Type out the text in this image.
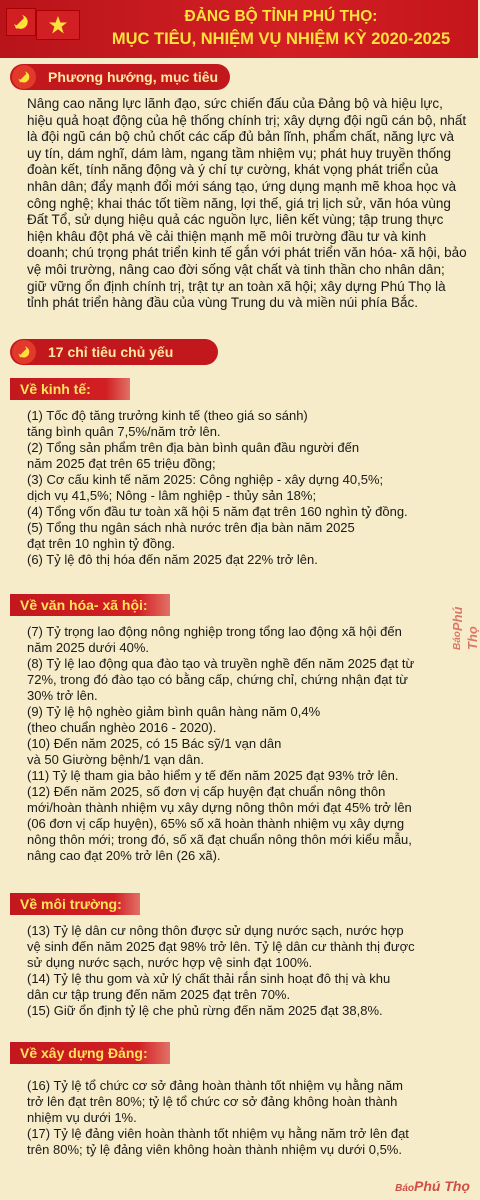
ĐẢNG BỘ TỈNH PHÚ THỌ:
MỤC TIÊU, NHIỆM VỤ NHIỆM KỲ 2020-2025
Phương hướng, mục tiêu

Nâng cao năng lực lãnh đạo, sức chiến đấu của Đảng bộ và hiệu lực, hiệu quả hoạt động của hệ thống chính trị; xây dựng đội ngũ cán bộ, nhất là đội ngũ cán bộ chủ chốt các cấp đủ bản lĩnh, phẩm chất, năng lực và uy tín, dám nghĩ, dám làm, ngang tầm nhiệm vụ; phát huy truyền thống đoàn kết, tính năng động và ý chí tự cường, khát vọng phát triển của nhân dân; đẩy mạnh đổi mới sáng tạo, ứng dụng mạnh mẽ khoa học và công nghệ; khai thác tốt tiềm năng, lợi thế, giá trị lịch sử, văn hóa vùng Đất Tổ, sử dụng hiệu quả các nguồn lực, liên kết vùng; tập trung thực hiện khâu đột phá về cải thiện mạnh mẽ môi trường đầu tư và kinh doanh; chú trọng phát triển kinh tế gắn với phát triển văn hóa- xã hội, bảo vệ môi trường, nâng cao đời sống vật chất và tinh thần cho nhân dân; giữ vững ổn định chính trị, trật tự an toàn xã hội; xây dựng Phú Thọ là tỉnh phát triển hàng đầu của vùng Trung du và miền núi phía Bắc.

17 chỉ tiêu chủ yếu
Về kinh tế:

(1) Tốc độ tăng trưởng kinh tế (theo giá so sánh)
tăng bình quân 7,5%/năm trở lên.

(2) Tổng sản phẩm trên địa bàn bình quân đầu người đến
năm 2025 đạt trên 65 triệu đồng;

(3) Cơ cấu kinh tế năm 2025: Công nghiệp - xây dựng 40,5%;
dịch vụ 41,5%; Nông - lâm nghiệp - thủy sản 18%;

(4) Tổng vốn đầu tư toàn xã hội 5 năm đạt trên 160 nghìn tỷ đồng.

(5) Tổng thu ngân sách nhà nước trên địa bàn năm 2025
đạt trên 10 nghìn tỷ đồng.

(6) Tỷ lệ đô thị hóa đến năm 2025 đạt 22% trở lên.

Về văn hóa- xã hội:

(7) Tỷ trọng lao động nông nghiệp trong tổng lao động xã hội đến
năm 2025 dưới 40%.

(8) Tỷ lệ lao động qua đào tạo và truyền nghề đến năm 2025 đạt từ
72%, trong đó đào tạo có bằng cấp, chứng chỉ, chứng nhận đạt từ
30% trở lên.

(9) Tỷ lệ hộ nghèo giảm bình quân hàng năm 0,4%
(theo chuẩn nghèo 2016 - 2020).

(10) Đến năm 2025, có 15 Bác sỹ/1 vạn dân
và 50 Giường bệnh/1 vạn dân.

(11) Tỷ lệ tham gia bảo hiểm y tế đến năm 2025 đạt 93% trở lên.

(12) Đến năm 2025, số đơn vị cấp huyện đạt chuẩn nông thôn
mới/hoàn thành nhiệm vụ xây dựng nông thôn mới đạt 45% trở lên
(06 đơn vị cấp huyện), 65% số xã hoàn thành nhiệm vụ xây dựng
nông thôn mới; trong đó, số xã đạt chuẩn nông thôn mới kiểu mẫu,
nâng cao đạt 20% trở lên (26 xã).

Về môi trường:

(13) Tỷ lệ dân cư nông thôn được sử dụng nước sạch, nước hợp
vệ sinh đến năm 2025 đạt 98% trở lên. Tỷ lệ dân cư thành thị được
sử dụng nước sạch, nước hợp vệ sinh đạt 100%.

(14) Tỷ lệ thu gom và xử lý chất thải rắn sinh hoạt đô thị và khu
dân cư tập trung đến năm 2025 đạt trên 70%.

(15) Giữ ổn định tỷ lệ che phủ rừng đến năm 2025 đạt 38,8%.

Về xây dựng Đảng:

(16) Tỷ lệ tổ chức cơ sở đảng hoàn thành tốt nhiệm vụ hằng năm
trở lên đạt trên 80%; tỷ lệ tổ chức cơ sở đảng không hoàn thành
nhiệm vụ dưới 1%.

(17) Tỷ lệ đảng viên hoàn thành tốt nhiệm vụ hằng năm trở lên đạt
trên 80%; tỷ lệ đảng viên không hoàn thành nhiệm vụ dưới 0,5%.

BáoPhú Thọ
BáoPhú Thọ
